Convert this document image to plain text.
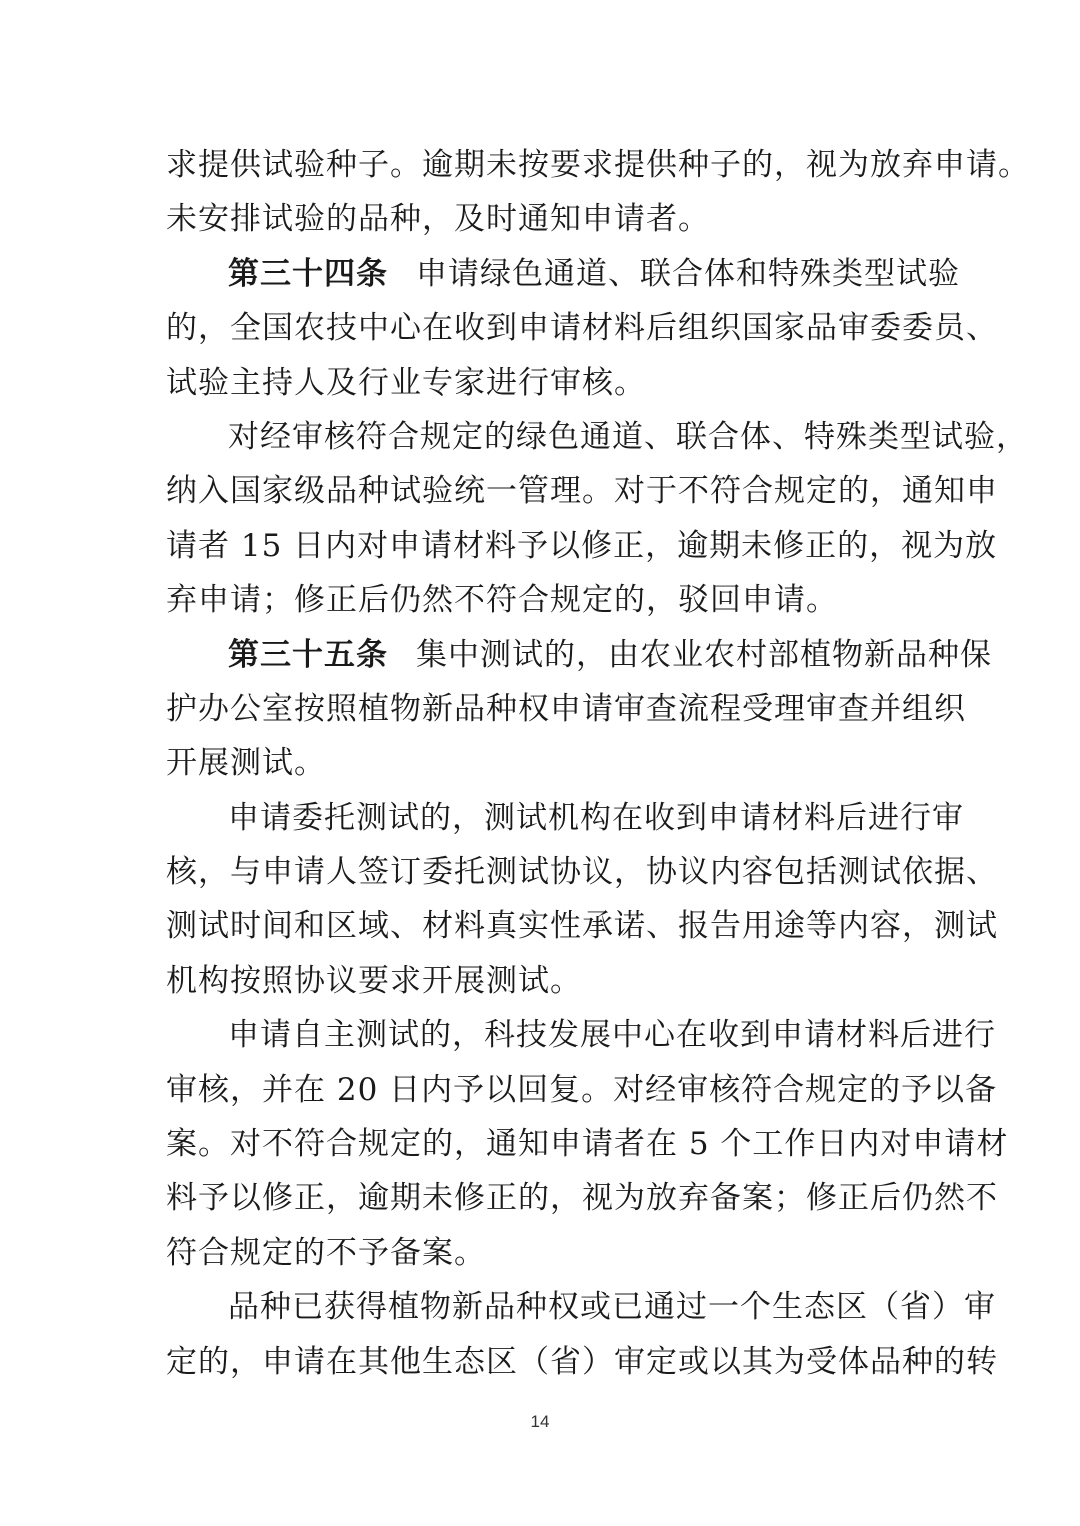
求提供试验种子。逾期未按要求提供种子的，视为放弃申请。
未安排试验的品种，及时通知申请者。
第三十四条 申请绿色通道、联合体和特殊类型试验
的，全国农技中心在收到申请材料后组织国家品审委委员、
试验主持人及行业专家进行审核。
对经审核符合规定的绿色通道、联合体、特殊类型试验，
纳入国家级品种试验统一管理。对于不符合规定的，通知申
请者 15 日内对申请材料予以修正，逾期未修正的，视为放
弃申请；修正后仍然不符合规定的，驳回申请。
第三十五条 集中测试的，由农业农村部植物新品种保
护办公室按照植物新品种权申请审查流程受理审查并组织
开展测试。
申请委托测试的，测试机构在收到申请材料后进行审
核，与申请人签订委托测试协议，协议内容包括测试依据、
测试时间和区域、材料真实性承诺、报告用途等内容，测试
机构按照协议要求开展测试。
申请自主测试的，科技发展中心在收到申请材料后进行
审核，并在 20 日内予以回复。对经审核符合规定的予以备
案。对不符合规定的，通知申请者在 5 个工作日内对申请材
料予以修正，逾期未修正的，视为放弃备案；修正后仍然不
符合规定的不予备案。
品种已获得植物新品种权或已通过一个生态区（省）审
定的，申请在其他生态区（省）审定或以其为受体品种的转
14
